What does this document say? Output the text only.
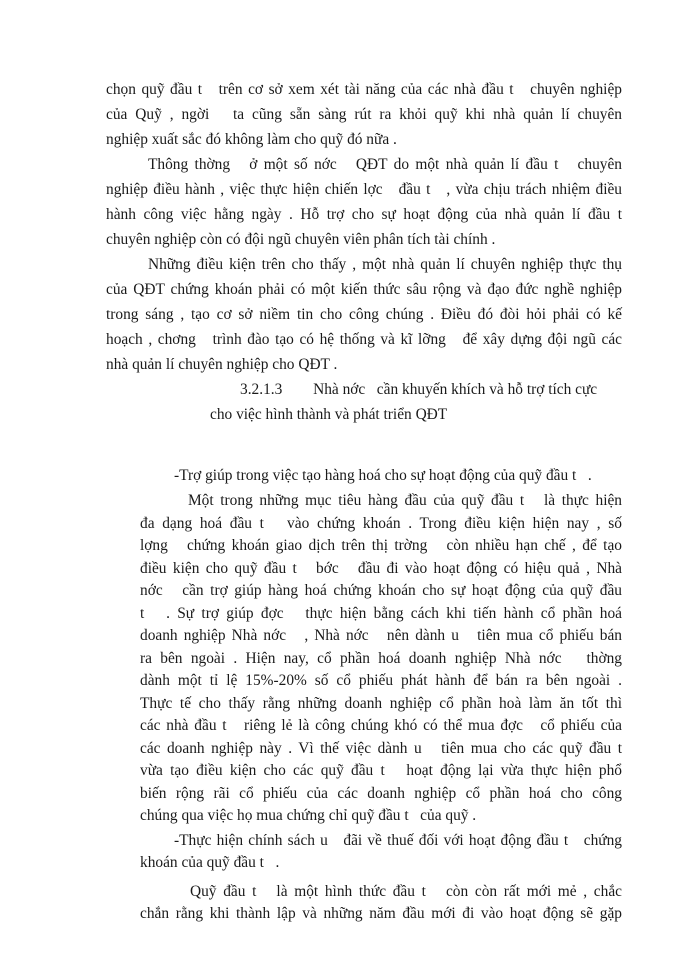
chọn quỹ đầu t   trên cơ sở xem xét tài năng của các nhà đầu t   chuyên nghiệp
của Quỹ , ngời   ta cũng sẵn sàng rút ra khỏi quỹ khi nhà quản lí chuyên
nghiệp xuất sắc đó không làm cho quỹ đó nữa .
Thông thờng   ở một số nớc   QĐT do một nhà quản lí đầu t   chuyên
nghiệp điều hành , việc thực hiện chiến lợc   đầu t   , vừa chịu trách nhiệm điều
hành công việc hằng ngày . Hỗ trợ cho sự hoạt động của nhà quản lí đầu t
chuyên nghiệp còn có đội ngũ chuyên viên phân tích tài chính .
Những điều kiện trên cho thấy , một nhà quản lí chuyên nghiệp thực thụ
của QĐT chứng khoán phải có một kiến thức sâu rộng và đạo đức nghề nghiệp
trong sáng , tạo cơ sở niềm tin cho công chúng . Điều đó đòi hỏi phải có kế
hoạch , chơng   trình đào tạo có hệ thống và kĩ lỡng   để xây dựng đội ngũ các
nhà quản lí chuyên nghiệp cho QĐT .
3.2.1.3        Nhà nớc   cần khuyến khích và hỗ trợ tích cực
cho việc hình thành và phát triển QĐT
-Trợ giúp trong việc tạo hàng hoá cho sự hoạt động của quỹ đầu t   .
Một trong những mục tiêu hàng đầu của quỹ đầu t   là thực hiện
đa dạng hoá đầu t   vào chứng khoán . Trong điều kiện hiện nay , số
lợng   chứng khoán giao dịch trên thị trờng   còn nhiều hạn chế , để tạo
điều kiện cho quỹ đầu t   bớc   đầu đi vào hoạt động có hiệu quả , Nhà
nớc   cần trợ giúp hàng hoá chứng khoán cho sự hoạt động của quỹ đầu
t   . Sự trợ giúp đợc   thực hiện bằng cách khi tiến hành cổ phần hoá
doanh nghiệp Nhà nớc   , Nhà nớc   nên dành u   tiên mua cổ phiếu bán
ra bên ngoài . Hiện nay, cổ phần hoá doanh nghiệp Nhà nớc   thờng
dành một tỉ lệ 15%-20% số cổ phiếu phát hành để bán ra bên ngoài .
Thực tế cho thấy rằng những doanh nghiệp cổ phần hoà làm ăn tốt thì
các nhà đầu t   riêng lẻ là công chúng khó có thể mua đợc   cổ phiếu của
các doanh nghiệp này . Vì thế việc dành u   tiên mua cho các quỹ đầu t
vừa tạo điều kiện cho các quỹ đầu t   hoạt động lại vừa thực hiện phổ
biến rộng rãi cổ phiếu của các doanh nghiệp cổ phần hoá cho công
chúng qua việc họ mua chứng chỉ quỹ đầu t   của quỹ .
-Thực hiện chính sách u   đãi về thuế đối với hoạt động đầu t   chứng
khoán của quỹ đầu t   .
Quỹ đầu t   là một hình thức đầu t   còn còn rất mới mẻ , chắc
chắn rằng khi thành lập và những năm đầu mới đi vào hoạt động sẽ gặp
